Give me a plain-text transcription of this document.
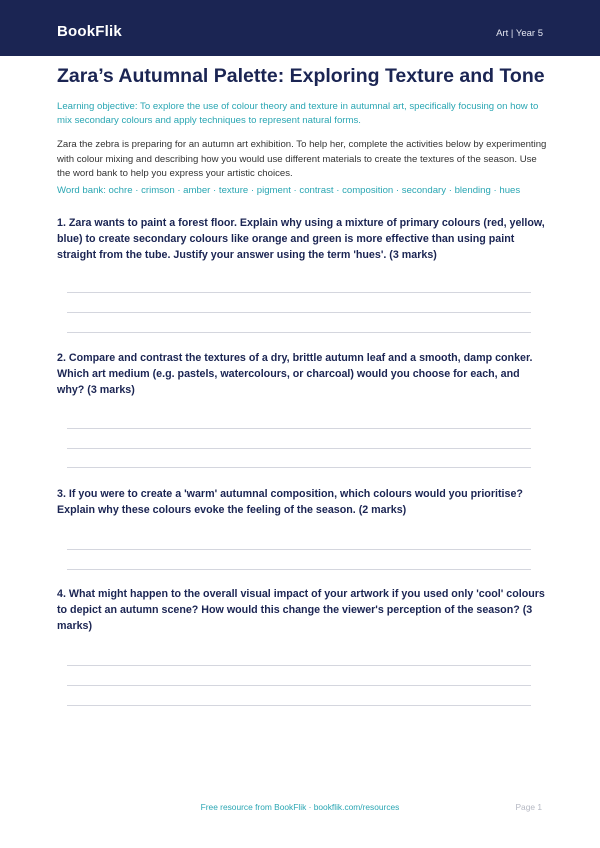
BookFlik	Art | Year 5
Zara’s Autumnal Palette: Exploring Texture and Tone
Learning objective: To explore the use of colour theory and texture in autumnal art, specifically focusing on how to mix secondary colours and apply techniques to represent natural forms.
Zara the zebra is preparing for an autumn art exhibition. To help her, complete the activities below by experimenting with colour mixing and describing how you would use different materials to create the textures of the season. Use the word bank to help you express your artistic choices.
Word bank: ochre · crimson · amber · texture · pigment · contrast · composition · secondary · blending · hues
1. Zara wants to paint a forest floor. Explain why using a mixture of primary colours (red, yellow, blue) to create secondary colours like orange and green is more effective than using paint straight from the tube. Justify your answer using the term 'hues'. (3 marks)
2. Compare and contrast the textures of a dry, brittle autumn leaf and a smooth, damp conker. Which art medium (e.g. pastels, watercolours, or charcoal) would you choose for each, and why? (3 marks)
3. If you were to create a 'warm' autumnal composition, which colours would you prioritise? Explain why these colours evoke the feeling of the season. (2 marks)
4. What might happen to the overall visual impact of your artwork if you used only 'cool' colours to depict an autumn scene? How would this change the viewer's perception of the season? (3 marks)
Free resource from BookFlik · bookflik.com/resources	Page 1
